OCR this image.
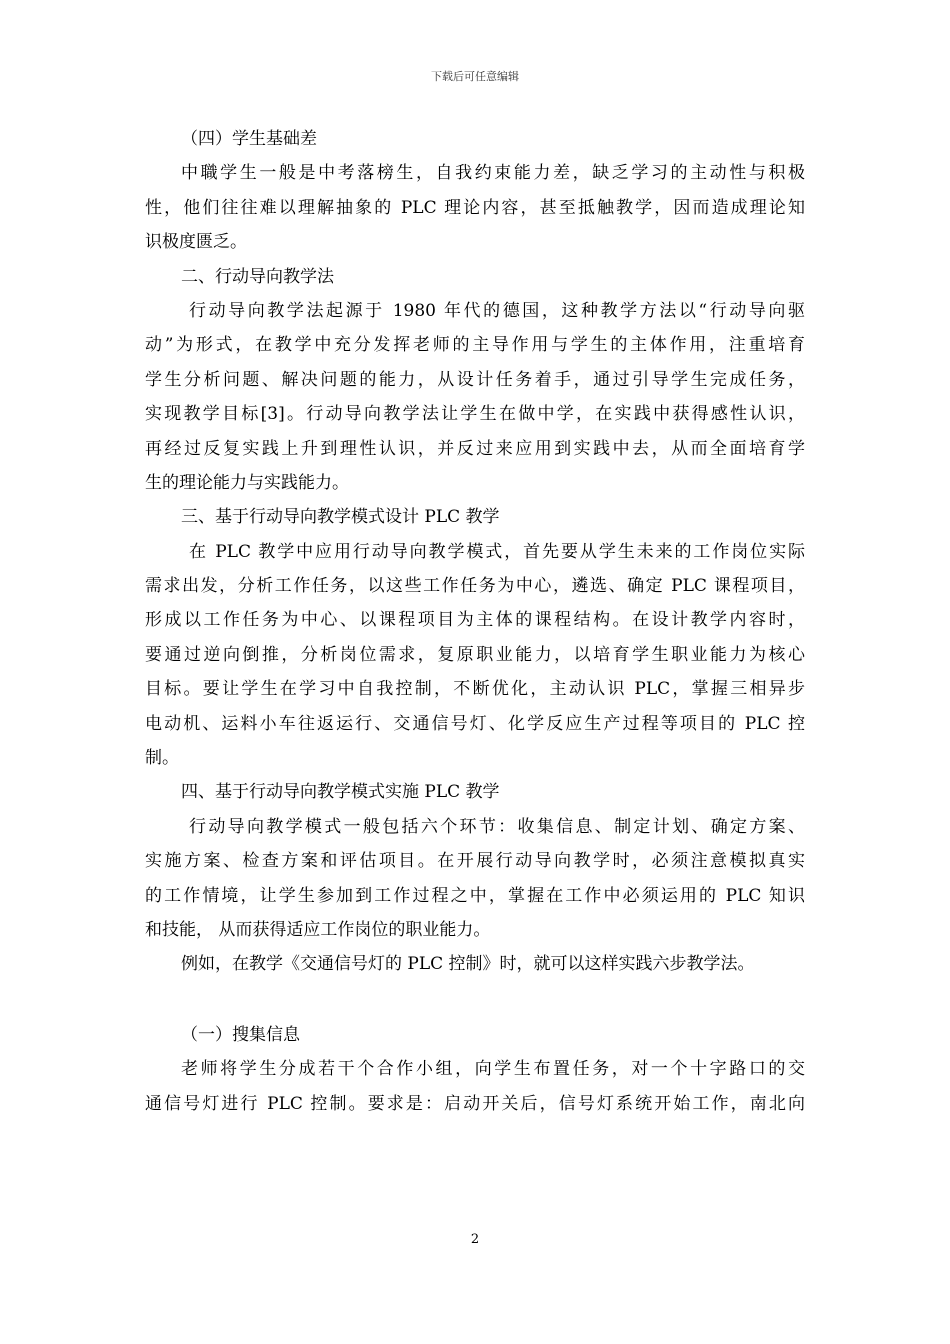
下载后可任意编辑
（四）学生基础差
中職学生一般是中考落榜生，自我约束能力差，缺乏学习的主动性与积极
性，他们往往难以理解抽象的 PLC 理论内容，甚至抵触教学，因而造成理论知
识极度匮乏。
二、行动导向教学法
行动导向教学法起源于 1980 年代的德国，这种教学方法以“行动导向驱
动”为形式，在教学中充分发挥老师的主导作用与学生的主体作用，注重培育
学生分析问题、解决问题的能力，从设计任务着手，通过引导学生完成任务，
实现教学目标[3]。行动导向教学法让学生在做中学，在实践中获得感性认识，
再经过反复实践上升到理性认识，并反过来应用到实践中去，从而全面培育学
生的理论能力与实践能力。
三、基于行动导向教学模式设计 PLC 教学
在 PLC 教学中应用行动导向教学模式，首先要从学生未来的工作岗位实际
需求出发，分析工作任务，以这些工作任务为中心，遴选、确定 PLC 课程项目，
形成以工作任务为中心、以课程项目为主体的课程结构。在设计教学内容时，
要通过逆向倒推，分析岗位需求，复原职业能力，以培育学生职业能力为核心
目标。要让学生在学习中自我控制，不断优化，主动认识 PLC，掌握三相异步
电动机、运料小车往返运行、交通信号灯、化学反应生产过程等项目的 PLC 控
制。
四、基于行动导向教学模式实施 PLC 教学
行动导向教学模式一般包括六个环节：收集信息、制定计划、确定方案、
实施方案、检查方案和评估项目。在开展行动导向教学时，必须注意模拟真实
的工作情境，让学生参加到工作过程之中，掌握在工作中必须运用的 PLC 知识
和技能， 从而获得适应工作岗位的职业能力。
例如，在教学《交通信号灯的 PLC 控制》时，就可以这样实践六步教学法。
（一）搜集信息
老师将学生分成若干个合作小组，向学生布置任务，对一个十字路口的交
通信号灯进行 PLC 控制。要求是：启动开关后，信号灯系统开始工作，南北向
2
